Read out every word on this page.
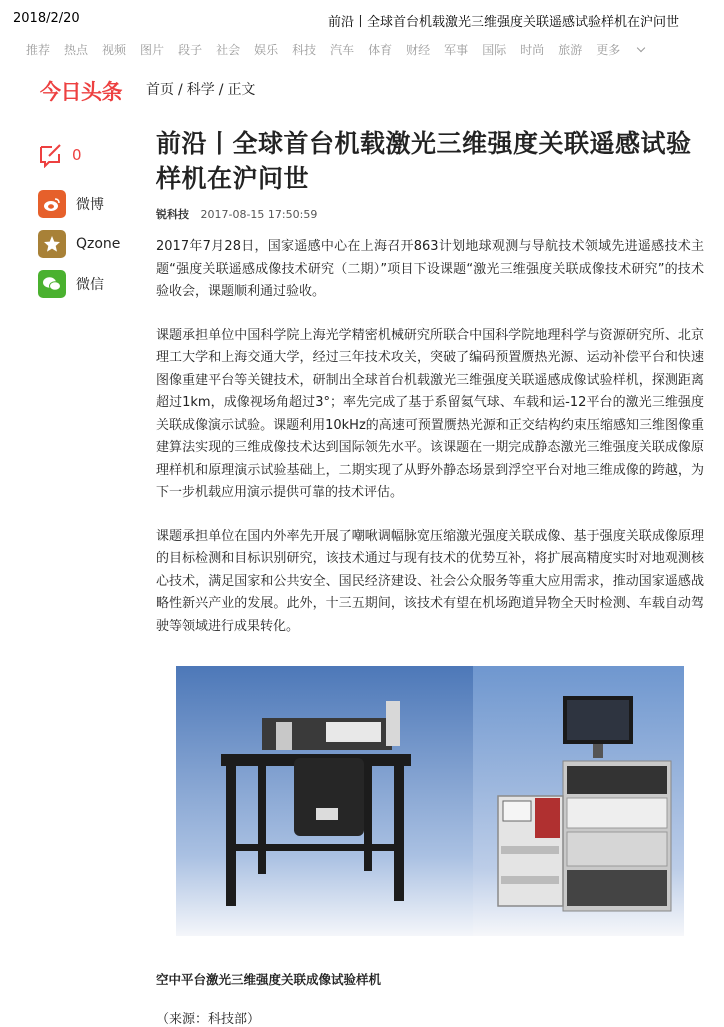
2018/2/20	前沿丨全球首台机载激光三维强度关联遥感试验样机在沪问世
推荐 热点 视频 图片 段子 社会 娱乐 科技 汽车 体育 财经 军事 国际 时尚 旅游 更多
今日头条 首页 / 科学 / 正文
0
微博
Qzone
微信
前沿丨全球首台机载激光三维强度关联遥感试验样机在沪问世
锐科技 2017-08-15 17:50:59

2017年7月28日，国家遥感中心在上海召开863计划地球观测与导航技术领域先进遥感技术主题“强度关联遥感成像技术研究（二期）”项目下设课题“激光三维强度关联成像技术研究”的技术验收会，课题顺利通过验收。

课题承担单位中国科学院上海光学精密机械研究所联合中国科学院地理科学与资源研究所、北京理工大学和上海交通大学，经过三年技术攻关，突破了编码预置赝热光源、运动补偿平台和快速图像重建平台等关键技术，研制出全球首台机载激光三维强度关联遥感成像试验样机，探测距离超过1km，成像视场角超过3°；率先完成了基于系留氦气球、车载和运-12平台的激光三维强度关联成像演示试验。课题利用10kHz的高速可预置赝热光源和正交结构约束压缩感知三维图像重建算法实现的三维成像技术达到国际领先水平。该课题在一期完成静态激光三维强度关联成像原理样机和原理演示试验基础上，二期实现了从野外静态场景到浮空平台对地三维成像的跨越，为下一步机载应用演示提供可靠的技术评估。

课题承担单位在国内外率先开展了嘲啾调幅脉宽压缩激光强度关联成像、基于强度关联成像原理的目标检测和目标识别研究，该技术通过与现有技术的优势互补，将扩展高精度实时对地观测核心技术，满足国家和公共安全、国民经济建设、社会公众服务等重大应用需求，推动国家遥感战略性新兴产业的发展。此外，十三五期间，该技术有望在机场跑道异物全天时检测、车载自动驾驶等领域进行成果转化。

空中平台激光三维强度关联成像试验样机
（来源：科技部）
